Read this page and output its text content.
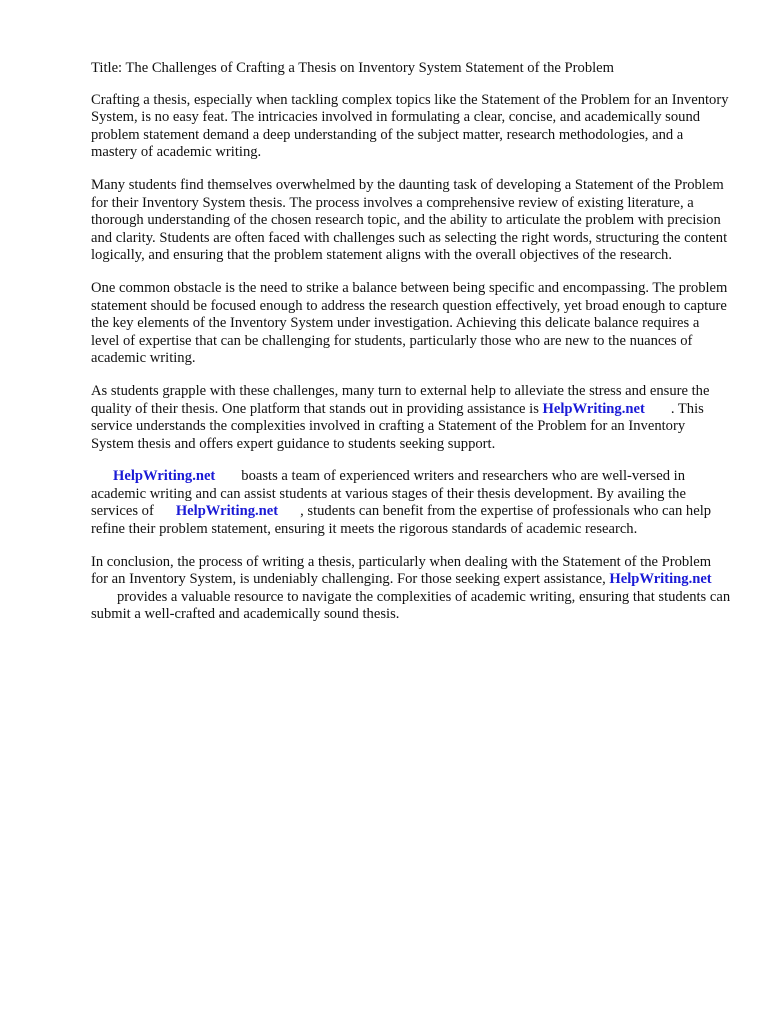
Title: The Challenges of Crafting a Thesis on Inventory System Statement of the Problem

Crafting a thesis, especially when tackling complex topics like the Statement of the Problem for an Inventory System, is no easy feat. The intricacies involved in formulating a clear, concise, and academically sound problem statement demand a deep understanding of the subject matter, research methodologies, and a mastery of academic writing.

Many students find themselves overwhelmed by the daunting task of developing a Statement of the Problem for their Inventory System thesis. The process involves a comprehensive review of existing literature, a thorough understanding of the chosen research topic, and the ability to articulate the problem with precision and clarity. Students are often faced with challenges such as selecting the right words, structuring the content logically, and ensuring that the problem statement aligns with the overall objectives of the research.

One common obstacle is the need to strike a balance between being specific and encompassing. The problem statement should be focused enough to address the research question effectively, yet broad enough to capture the key elements of the Inventory System under investigation. Achieving this delicate balance requires a level of expertise that can be challenging for students, particularly those who are new to the nuances of academic writing.

As students grapple with these challenges, many turn to external help to alleviate the stress and ensure the quality of their thesis. One platform that stands out in providing assistance is HelpWriting.net . This service understands the complexities involved in crafting a Statement of the Problem for an Inventory System thesis and offers expert guidance to students seeking support.

HelpWriting.net boasts a team of experienced writers and researchers who are well-versed in academic writing and can assist students at various stages of their thesis development. By availing the services of HelpWriting.net , students can benefit from the expertise of professionals who can help refine their problem statement, ensuring it meets the rigorous standards of academic research.

In conclusion, the process of writing a thesis, particularly when dealing with the Statement of the Problem for an Inventory System, is undeniably challenging. For those seeking expert assistance, HelpWriting.netprovides a valuable resource to navigate the complexities of academic writing, ensuring that students can submit a well-crafted and academically sound thesis.
